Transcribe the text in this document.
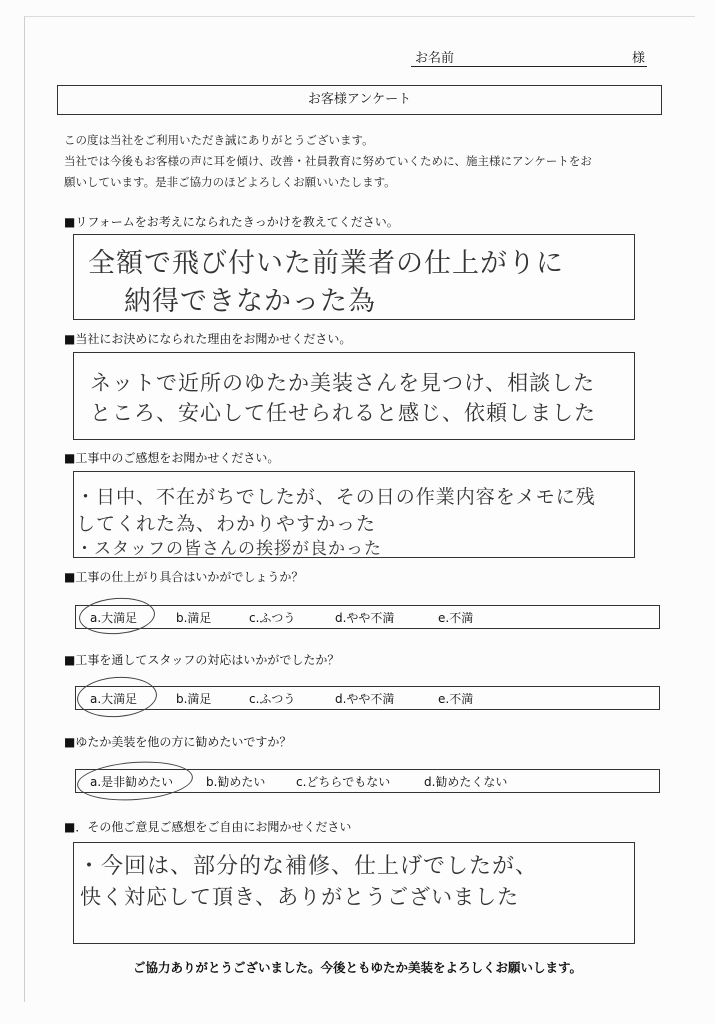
お名前	様
お客様アンケート

この度は当社をご利用いただき誠にありがとうございます。

当社では今後もお客様の声に耳を傾け、改善・社員教育に努めていくために、施主様にアンケートをお

願いしています。是非ご協力のほどよろしくお願いいたします。

■リフォームをお考えになられたきっかけを教えてください。
全額で飛び付いた前業者の仕上がりに
納得できなかった為
■当社にお決めになられた理由をお聞かせください。
ネットで近所のゆたか美装さんを見つけ、相談した
ところ、安心して任せられると感じ、依頼しました
■工事中のご感想をお聞かせください。
・日中、不在がちでしたが、その日の作業内容をメモに残
してくれた為、わかりやすかった
・スタッフの皆さんの挨拶が良かった
■工事の仕上がり具合はいかがでしょうか？
a.大満足	b.満足	c.ふつう	d.やや不満	e.不満
■工事を通してスタッフの対応はいかがでしたか？
a.大満足	b.満足	c.ふつう	d.やや不満	e.不満
■ゆたか美装を他の方に勧めたいですか？
a.是非勧めたい	b.勧めたい	c.どちらでもない	d.勧めたくない
■．その他ご意見ご感想をご自由にお聞かせください
・今回は、部分的な補修、仕上げでしたが、
快く対応して頂き、ありがとうございました
ご協力ありがとうございました。今後ともゆたか美装をよろしくお願いします。
